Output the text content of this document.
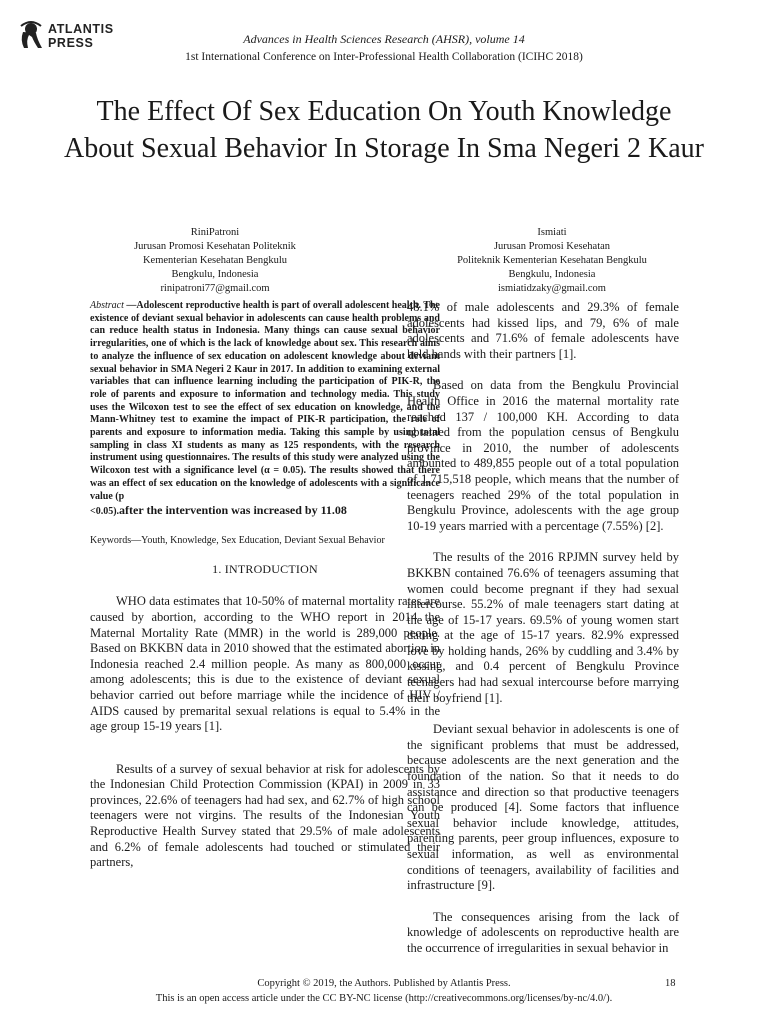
ATLANTIS
PRESS	Advances in Health Sciences Research (AHSR), volume 14
1st International Conference on Inter-Professional Health Collaboration (ICIHC 2018)
The Effect Of Sex Education On Youth Knowledge About Sexual Behavior In Storage In Sma Negeri 2 Kaur
RiniPatroni
Jurusan Promosi Kesehatan Politeknik
Kementerian Kesehatan Bengkulu
Bengkulu, Indonesia
rinipatroni77@gmail.com
Ismiati
Jurusan Promosi Kesehatan
Politeknik Kementerian Kesehatan Bengkulu
Bengkulu, Indonesia
ismiatidzaky@gmail.com

Abstract —Adolescent reproductive health is part of overall adolescent health. The existence of deviant sexual behavior in adolescents can cause health problems and can reduce health status in Indonesia. Many things can cause sexual behavior irregularities, one of which is the lack of knowledge about sex. This research aims to analyze the influence of sex education on adolescent knowledge about deviant sexual behavior in SMA Negeri 2 Kaur in 2017. In addition to examining external variables that can influence learning including the participation of PIK-R, the role of parents and exposure to information and technology media. This study uses the Wilcoxon test to see the effect of sex education on knowledge, and the Mann-Whitney test to examine the impact of PIK-R participation, the role of parents and exposure to information media. Taking this sample by using total sampling in class XI students as many as 125 respondents, with the research instrument using questionnaires. The results of this study were analyzed using the Wilcoxon test with a significance level (α = 0.05). The results showed that there was an effect of sex education on the knowledge of adolescents with a significance value (p

<0.05).after the intervention was increased by 11.08

Keywords—Youth, Knowledge, Sex Education, Deviant Sexual Behavior

1. INTRODUCTION

WHO data estimates that 10-50% of maternal mortality rates are caused by abortion, according to the WHO report in 2014 the Maternal Mortality Rate (MMR) in the world is 289,000 people. Based on BKKBN data in 2010 showed that the estimated abortion in Indonesia reached 2.4 million people. As many as 800,000 occur among adolescents; this is due to the existence of deviant sexual behavior carried out before marriage while the incidence of HIV / AIDS caused by premarital sexual relations is equal to 5.4% in the age group 15-19 years [1].

Results of a survey of sexual behavior at risk for adolescents by the Indonesian Child Protection Commission (KPAI) in 2009 in 33 provinces, 22.6% of teenagers had had sex, and 62.7% of high school teenagers were not virgins. The results of the Indonesian Youth Reproductive Health Survey stated that 29.5% of male adolescents and 6.2% of female adolescents had touched or stimulated their partners,

48.1% of male adolescents and 29.3% of female adolescents had kissed lips, and 79, 6% of male adolescents and 71.6% of female adolescents have held hands with their partners [1].

Based on data from the Bengkulu Provincial Health Office in 2016 the maternal mortality rate reached 137 / 100,000 KH. According to data obtained from the population census of Bengkulu province in 2010, the number of adolescents amounted to 489,855 people out of a total population of 1,715,518 people, which means that the number of teenagers reached 29% of the total population in Bengkulu Province, adolescents with the age group 10-19 years married with a percentage (7.55%) [2].

The results of the 2016 RPJMN survey held by BKKBN contained 76.6% of teenagers assuming that women could become pregnant if they had sexual intercourse. 55.2% of male teenagers start dating at the age of 15-17 years. 69.5% of young women start dating at the age of 15-17 years. 82.9% expressed love by holding hands, 26% by cuddling and 3.4% by kissing, and 0.4 percent of Bengkulu Province teenagers had had sexual intercourse before marrying their boyfriend [1].

Deviant sexual behavior in adolescents is one of the significant problems that must be addressed, because adolescents are the next generation and the foundation of the nation. So that it needs to do assistance and direction so that productive teenagers can be produced [4]. Some factors that influence sexual behavior include knowledge, attitudes, parenting parents, peer group influences, exposure to sexual information, as well as environmental conditions of teenagers, availability of facilities and infrastructure [9].

The consequences arising from the lack of knowledge of adolescents on reproductive health are the occurrence of irregularities in sexual behavior in

Copyright © 2019, the Authors. Published by Atlantis Press.	18
This is an open access article under the CC BY-NC license (http://creativecommons.org/licenses/by-nc/4.0/).
